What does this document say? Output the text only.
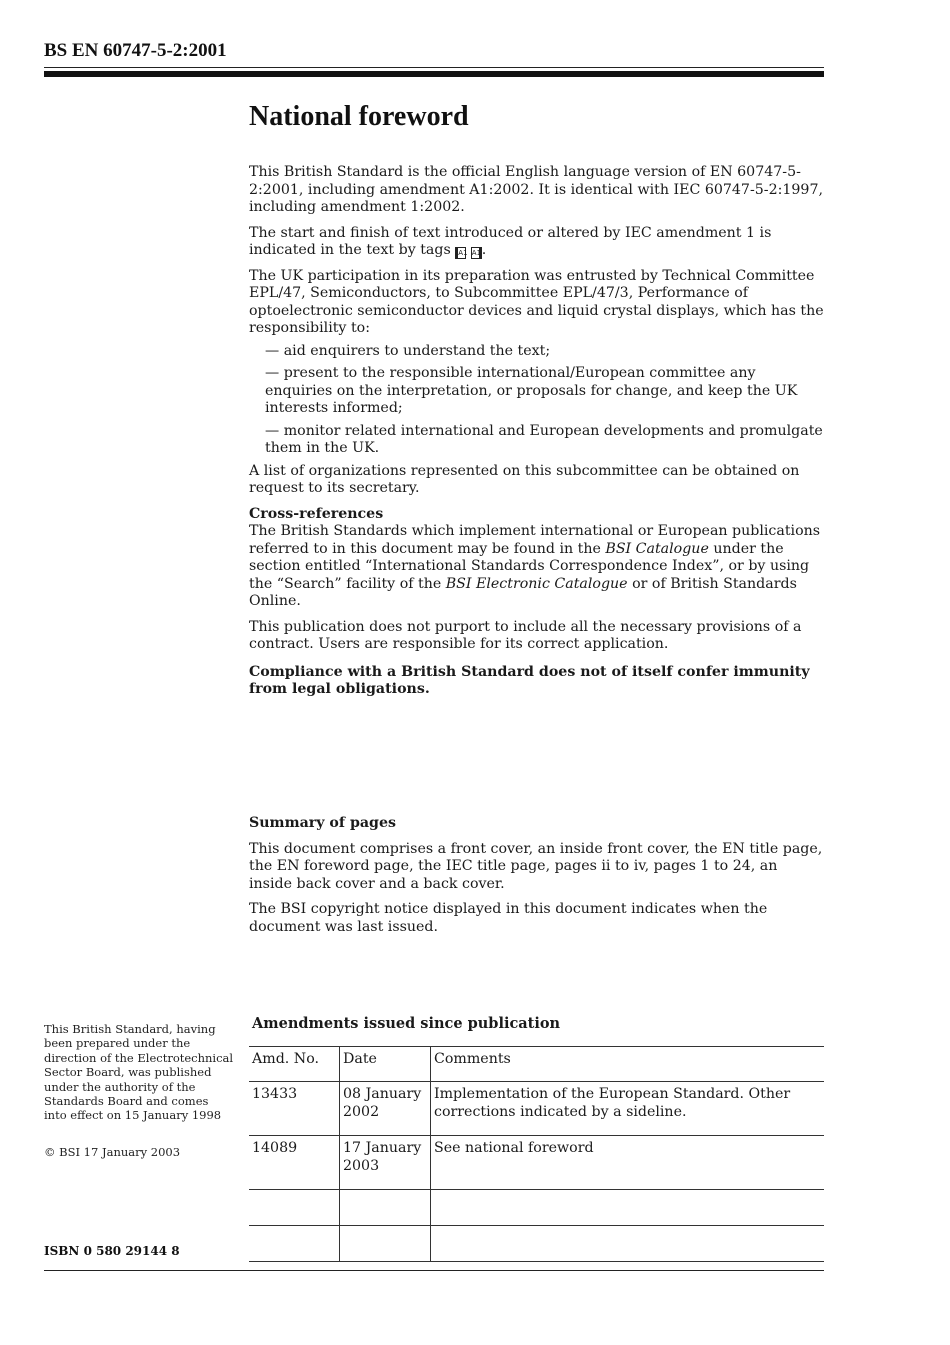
BS EN 60747-5-2:2001
National foreword

This British Standard is the official English language version of EN 60747-5-2:2001, including amendment A1:2002. It is identical with IEC 60747-5-2:1997, including amendment 1:2002.

The start and finish of text introduced or altered by IEC amendment 1 is indicated in the text by tags A1 A1.

The UK participation in its preparation was entrusted by Technical Committee EPL/47, Semiconductors, to Subcommittee EPL/47/3, Performance of optoelectronic semiconductor devices and liquid crystal displays, which has the responsibility to:

— aid enquirers to understand the text;

— present to the responsible international/European committee any enquiries on the interpretation, or proposals for change, and keep the UK interests informed;

— monitor related international and European developments and promulgate them in the UK.

A list of organizations represented on this subcommittee can be obtained on request to its secretary.

Cross-references

The British Standards which implement international or European publications referred to in this document may be found in the BSI Catalogue under the section entitled “International Standards Correspondence Index”, or by using the “Search” facility of the BSI Electronic Catalogue or of British Standards Online.

This publication does not purport to include all the necessary provisions of a contract. Users are responsible for its correct application.

Compliance with a British Standard does not of itself confer immunity from legal obligations.

Summary of pages

This document comprises a front cover, an inside front cover, the EN title page, the EN foreword page, the IEC title page, pages ii to iv, pages 1 to 24, an inside back cover and a back cover.

The BSI copyright notice displayed in this document indicates when the document was last issued.

This British Standard, having been prepared under the direction of the Electrotechnical Sector Board, was published under the authority of the Standards Board and comes into effect on 15 January 1998
© BSI 17 January 2003
ISBN 0 580 29144 8
Amendments issued since publication
Amd. No.	Date	Comments
13433	08 January 2002	Implementation of the European Standard. Other corrections indicated by a sideline.
14089	17 January 2003	See national foreword
